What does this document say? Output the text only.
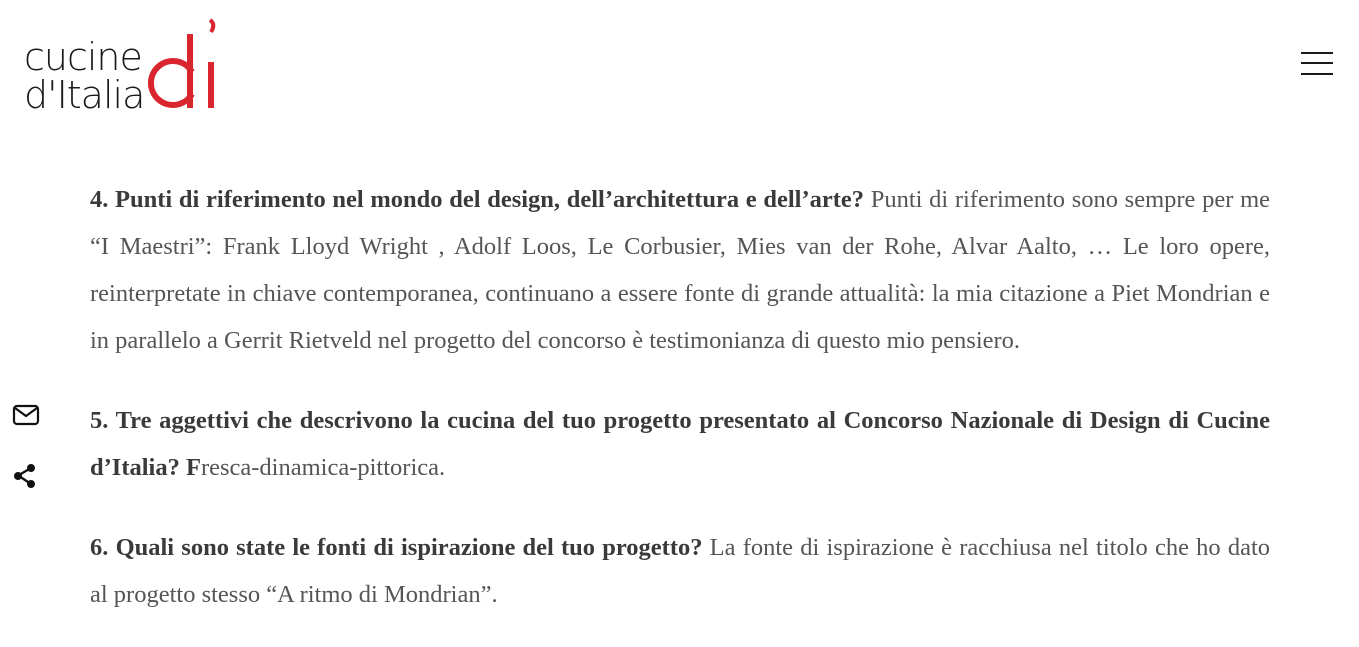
cucine
d'Italia

4. Punti di riferimento nel mondo del design, dell’architettura e dell’arte? Punti di riferimento sono sempre per me “I Maestri”: Frank Lloyd Wright , Adolf Loos, Le Corbusier, Mies van der Rohe, Alvar Aalto, … Le loro opere, reinterpretate in chiave contemporanea, continuano a essere fonte di grande attualità: la mia citazione a Piet Mondrian e in parallelo a Gerrit Rietveld nel progetto del concorso è testimonianza di questo mio pensiero.

5. Tre aggettivi che descrivono la cucina del tuo progetto presentato al Concorso Nazionale di Design di Cucine d’Italia? Fresca-dinamica-pittorica.

6. Quali sono state le fonti di ispirazione del tuo progetto? La fonte di ispirazione è racchiusa nel titolo che ho dato al progetto stesso “A ritmo di Mondrian”.
